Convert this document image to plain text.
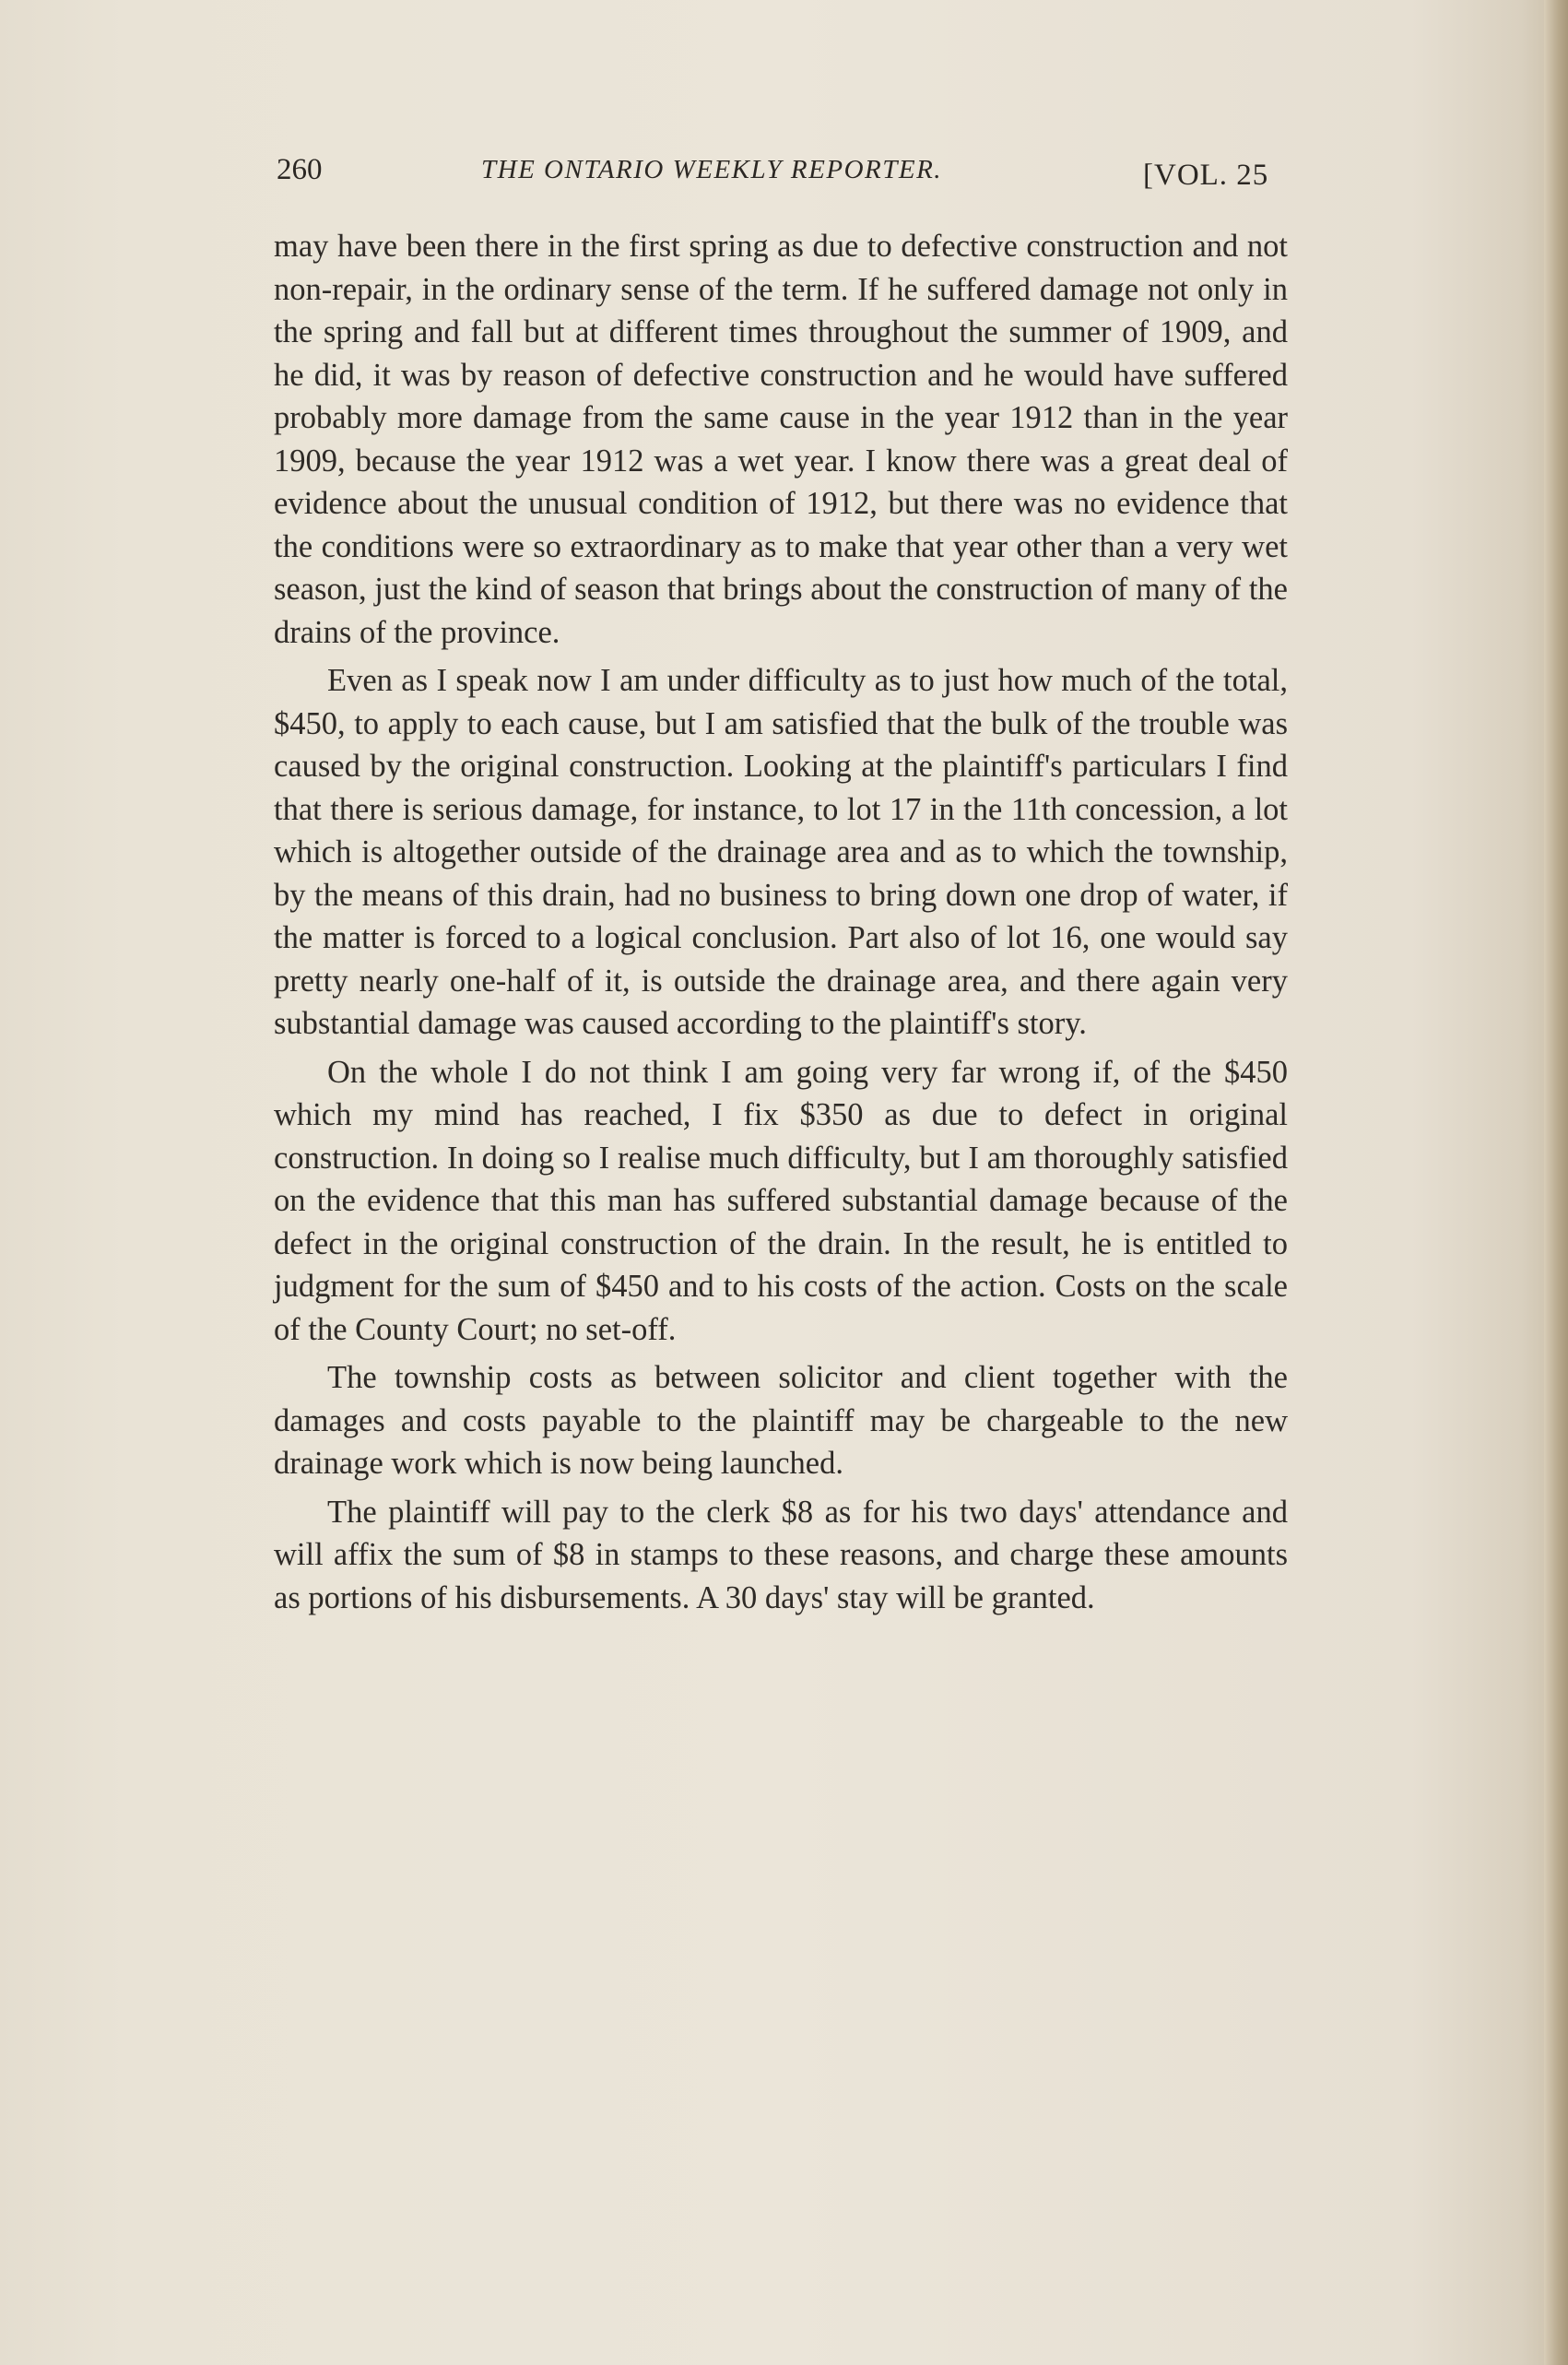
260	THE ONTARIO WEEKLY REPORTER.	[VOL. 25

may have been there in the first spring as due to defective construction and not non-repair, in the ordinary sense of the term. If he suffered damage not only in the spring and fall but at different times throughout the summer of 1909, and he did, it was by reason of defective construction and he would have suffered probably more damage from the same cause in the year 1912 than in the year 1909, because the year 1912 was a wet year. I know there was a great deal of evidence about the unusual condition of 1912, but there was no evidence that the conditions were so extraordinary as to make that year other than a very wet season, just the kind of season that brings about the construction of many of the drains of the province.

Even as I speak now I am under difficulty as to just how much of the total, $450, to apply to each cause, but I am satisfied that the bulk of the trouble was caused by the original construction. Looking at the plaintiff's particulars I find that there is serious damage, for instance, to lot 17 in the 11th concession, a lot which is altogether outside of the drainage area and as to which the township, by the means of this drain, had no business to bring down one drop of water, if the matter is forced to a logical conclusion. Part also of lot 16, one would say pretty nearly one-half of it, is outside the drainage area, and there again very substantial damage was caused according to the plaintiff's story.

On the whole I do not think I am going very far wrong if, of the $450 which my mind has reached, I fix $350 as due to defect in original construction. In doing so I realise much difficulty, but I am thoroughly satisfied on the evidence that this man has suffered substantial damage because of the defect in the original construction of the drain. In the result, he is entitled to judgment for the sum of $450 and to his costs of the action. Costs on the scale of the County Court; no set-off.

The township costs as between solicitor and client together with the damages and costs payable to the plaintiff may be chargeable to the new drainage work which is now being launched.

The plaintiff will pay to the clerk $8 as for his two days' attendance and will affix the sum of $8 in stamps to these reasons, and charge these amounts as portions of his disbursements. A 30 days' stay will be granted.
